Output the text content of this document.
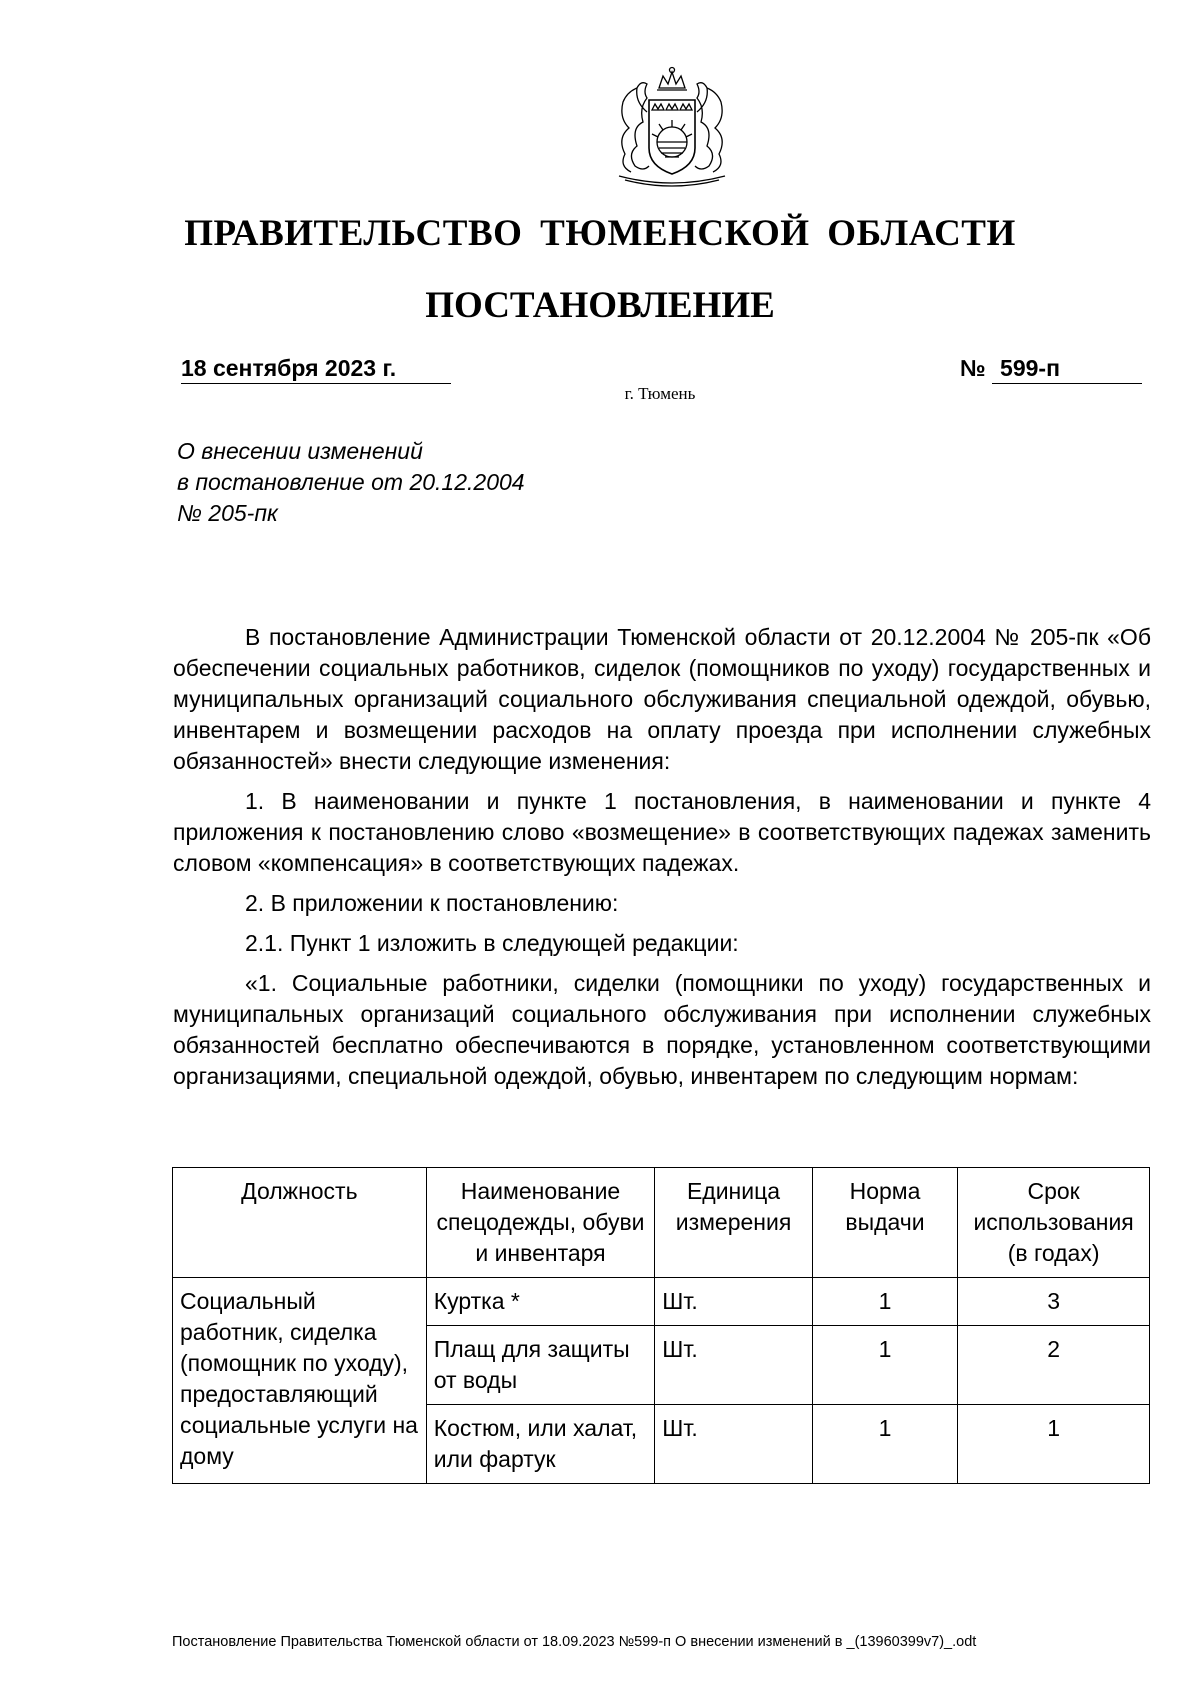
ПРАВИТЕЛЬСТВО ТЮМЕНСКОЙ ОБЛАСТИ
ПОСТАНОВЛЕНИЕ
18 сентября 2023 г.	№ 599-п
г. Тюмень
О внесении изменений
в постановление от 20.12.2004
№ 205-пк

В постановление Администрации Тюменской области от 20.12.2004 № 205-пк «Об обеспечении социальных работников, сиделок (помощников по уходу) государственных и муниципальных организаций социального обслуживания специальной одеждой, обувью, инвентарем и возмещении расходов на оплату проезда при исполнении служебных обязанностей» внести следующие изменения:

1. В наименовании и пункте 1 постановления, в наименовании и пункте 4 приложения к постановлению слово «возмещение» в соответствующих падежах заменить словом «компенсация» в соответствующих падежах.

2. В приложении к постановлению:

2.1. Пункт 1 изложить в следующей редакции:

«1. Социальные работники, сиделки (помощники по уходу) государственных и муниципальных организаций социального обслуживания при исполнении служебных обязанностей бесплатно обеспечиваются в порядке, установленном соответствующими организациями, специальной одеждой, обувью, инвентарем по следующим нормам:

Должность	Наименование спецодежды, обуви и инвентаря	Единица измерения	Норма выдачи	Срок использования (в годах)
Социальный работник, сиделка (помощник по уходу), предоставляющий социальные услуги на дому	Куртка *	Шт.	1	3
	Плащ для защиты от воды	Шт.	1	2
	Костюм, или халат, или фартук	Шт.	1	1
Постановление Правительства Тюменской области от 18.09.2023 №599-п О внесении изменений в _(13960399v7)_.odt
